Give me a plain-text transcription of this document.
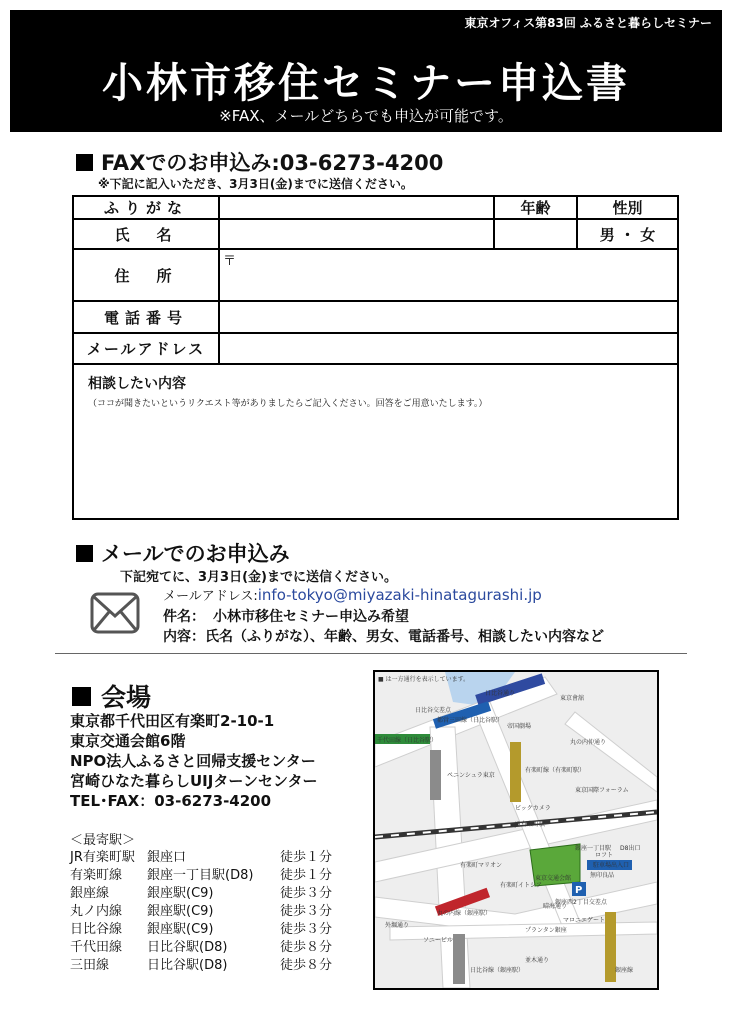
東京オフィス第83回 ふるさと暮らしセミナー
小林市移住セミナー申込書
※FAX、メールどちらでも申込が可能です。
FAXでのお申込み:03-6273-4200
※下記に記入いただき、3月3日(金)までに送信ください。
ふりがな		年齢	性別
氏　名			男 ・ 女
住　所	〒		
電話番号			
メールアドレス			

相談したい内容
（ココが聞きたいというリクエスト等がありましたらご記入ください。回答をご用意いたします。）			
メールでのお申込み
下記宛てに、3月3日(金)までに送信ください。
メールアドレス:info-tokyo@miyazaki-hinatagurashi.jp
件名： 小林市移住セミナー申込み希望
内容：氏名（ふりがな）、年齢、男女、電話番号、相談したい内容など
会場
東京都千代田区有楽町2-10-1
東京交通会館6階
NPO法人ふるさと回帰支援センター
宮崎ひなた暮らしUIJターンセンター
TEL･FAX：03-6273-4200
＜最寄駅＞
JR有楽町駅 銀座口	徒歩１分
有楽町線	銀座一丁目駅(D8)	徒歩１分
銀座線	銀座駅(C9)	徒歩３分
丸ノ内線	銀座駅(C9)	徒歩３分
日比谷線	銀座駅(C9)	徒歩３分
千代田線	日比谷駅(D8)	徒歩８分
三田線	日比谷駅(D8)	徒歩８分
P
■ は一方通行を表示しています。
日比谷通り
都営三田線（日比谷駅）
帝国劇場
東京會舘
千代田線（日比谷駅）
日比谷交差点
丸の内仲通り
有楽町線（有楽町駅）
ペニンシュラ東京
東京国際フォーラム
ビックカメラ
JR有楽町駅
有楽町マリオン
有楽町イトシア
東京交通会館
ロフト
無印良品
駐車場出入口
丸の内線（銀座駅）
銀座西2丁目交差点
ソニービル
プランタン銀座
マロニエゲート
外堀通り
並木通り
晴海通り
銀座一丁目駅 D8出口
日比谷線（銀座駅）	銀座線
